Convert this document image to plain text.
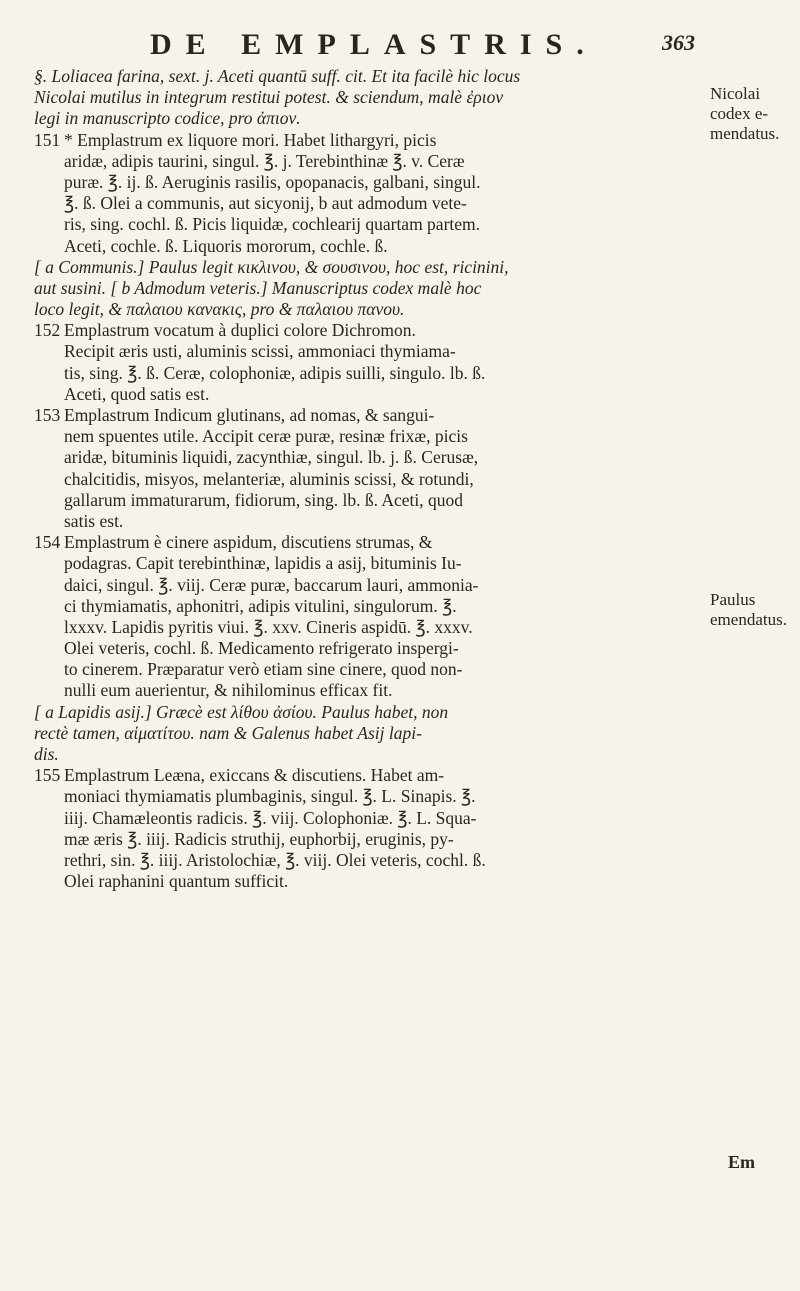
DE EMPLASTRIS.	363
§. Loliacea farina, sext. j. Aceti quantū suff. cit. Et ita facilè hic locus
Nicolai mutilus in integrum restitui potest. & sciendum, malè ἐριον
legi in manuscripto codice, pro ἀπιον.
151 * Emplastrum ex liquore mori. Habet lithargyri, picis
aridæ, adipis taurini, singul. ℥. j. Terebinthinæ ℥. v. Ceræ
puræ. ℥. ij. ß. Aeruginis rasilis, opopanacis, galbani, singul.
℥. ß. Olei a communis, aut sicyonij, b aut admodum vete-
ris, sing. cochl. ß. Picis liquidæ, cochlearij quartam partem.
Aceti, cochle. ß. Liquoris mororum, cochle. ß.
[ a Communis.] Paulus legit κικλινου, & σουσινου, hoc est, ricinini,
aut susini. [ b Admodum veteris.] Manuscriptus codex malè hoc
loco legit, & παλαιου κανακις, pro & παλαιου πανου.
152 Emplastrum vocatum à duplici colore Dichromon.
Recipit æris usti, aluminis scissi, ammoniaci thymiama-
tis, sing. ℥. ß. Ceræ, colophoniæ, adipis suilli, singulo. lb. ß.
Aceti, quod satis est.
153 Emplastrum Indicum glutinans, ad nomas, & sangui-
nem spuentes utile. Accipit ceræ puræ, resinæ frixæ, picis
aridæ, bituminis liquidi, zacynthiæ, singul. lb. j. ß. Cerusæ,
chalcitidis, misyos, melanteriæ, aluminis scissi, & rotundi,
gallarum immaturarum, fidiorum, sing. lb. ß. Aceti, quod
satis est.
154 Emplastrum è cinere aspidum, discutiens strumas, &
podagras. Capit terebinthinæ, lapidis a asij, bituminis Iu-
daici, singul. ℥. viij. Ceræ puræ, baccarum lauri, ammonia-
ci thymiamatis, aphonitri, adipis vitulini, singulorum. ℥.
lxxxv. Lapidis pyritis viui. ℥. xxv. Cineris aspidū. ℥. xxxv.
Olei veteris, cochl. ß. Medicamento refrigerato inspergi-
to cinerem. Præparatur verò etiam sine cinere, quod non-
nulli eum auerientur, & nihilominus efficax fit.
[ a Lapidis asij.] Græcè est λίθου ἀσίου. Paulus habet, non
rectè tamen, αἱματίτου. nam & Galenus habet Asij lapi-
dis.
155 Emplastrum Leæna, exiccans & discutiens. Habet am-
moniaci thymiamatis plumbaginis, singul. ℥. L. Sinapis. ℥.
iiij. Chamæleontis radicis. ℥. viij. Colophoniæ. ℥. L. Squa-
mæ æris ℥. iiij. Radicis struthij, euphorbij, eruginis, py-
rethri, sin. ℥. iiij. Aristolochiæ, ℥. viij. Olei veteris, cochl. ß.
Olei raphanini quantum sufficit.
Nicolai codex e-mendatus.
Paulus emendatus.
Em
